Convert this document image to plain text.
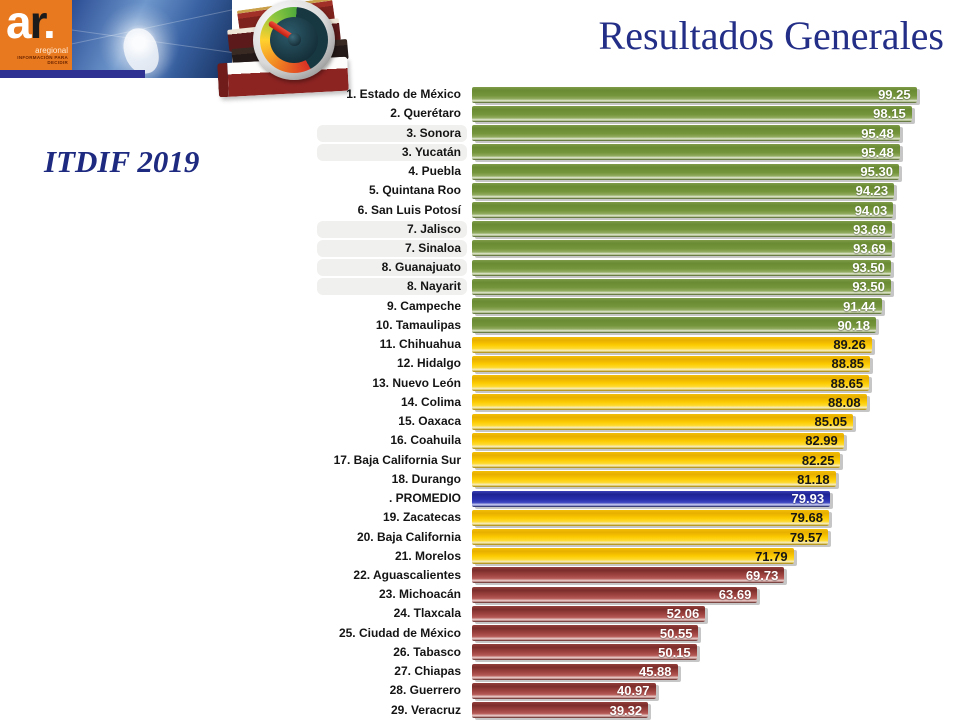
ar.
aregional
INFORMACIÓN PARA DECIDIR
Resultados Generales
ITDIF 2019
1. Estado de México	99.25
2. Querétaro	98.15
3. Sonora	95.48
3. Yucatán	95.48
4. Puebla	95.30
5. Quintana Roo	94.23
6. San Luis Potosí	94.03
7. Jalisco	93.69
7. Sinaloa	93.69
8. Guanajuato	93.50
8. Nayarit	93.50
9. Campeche	91.44
10. Tamaulipas	90.18
11. Chihuahua	89.26
12. Hidalgo	88.85
13. Nuevo León	88.65
14. Colima	88.08
15. Oaxaca	85.05
16. Coahuila	82.99
17. Baja California Sur	82.25
18. Durango	81.18
. PROMEDIO	79.93
19. Zacatecas	79.68
20. Baja California	79.57
21. Morelos	71.79
22. Aguascalientes	69.73
23. Michoacán	63.69
24. Tlaxcala	52.06
25. Ciudad de México	50.55
26. Tabasco	50.15
27. Chiapas	45.88
28. Guerrero	40.97
29. Veracruz	39.32
